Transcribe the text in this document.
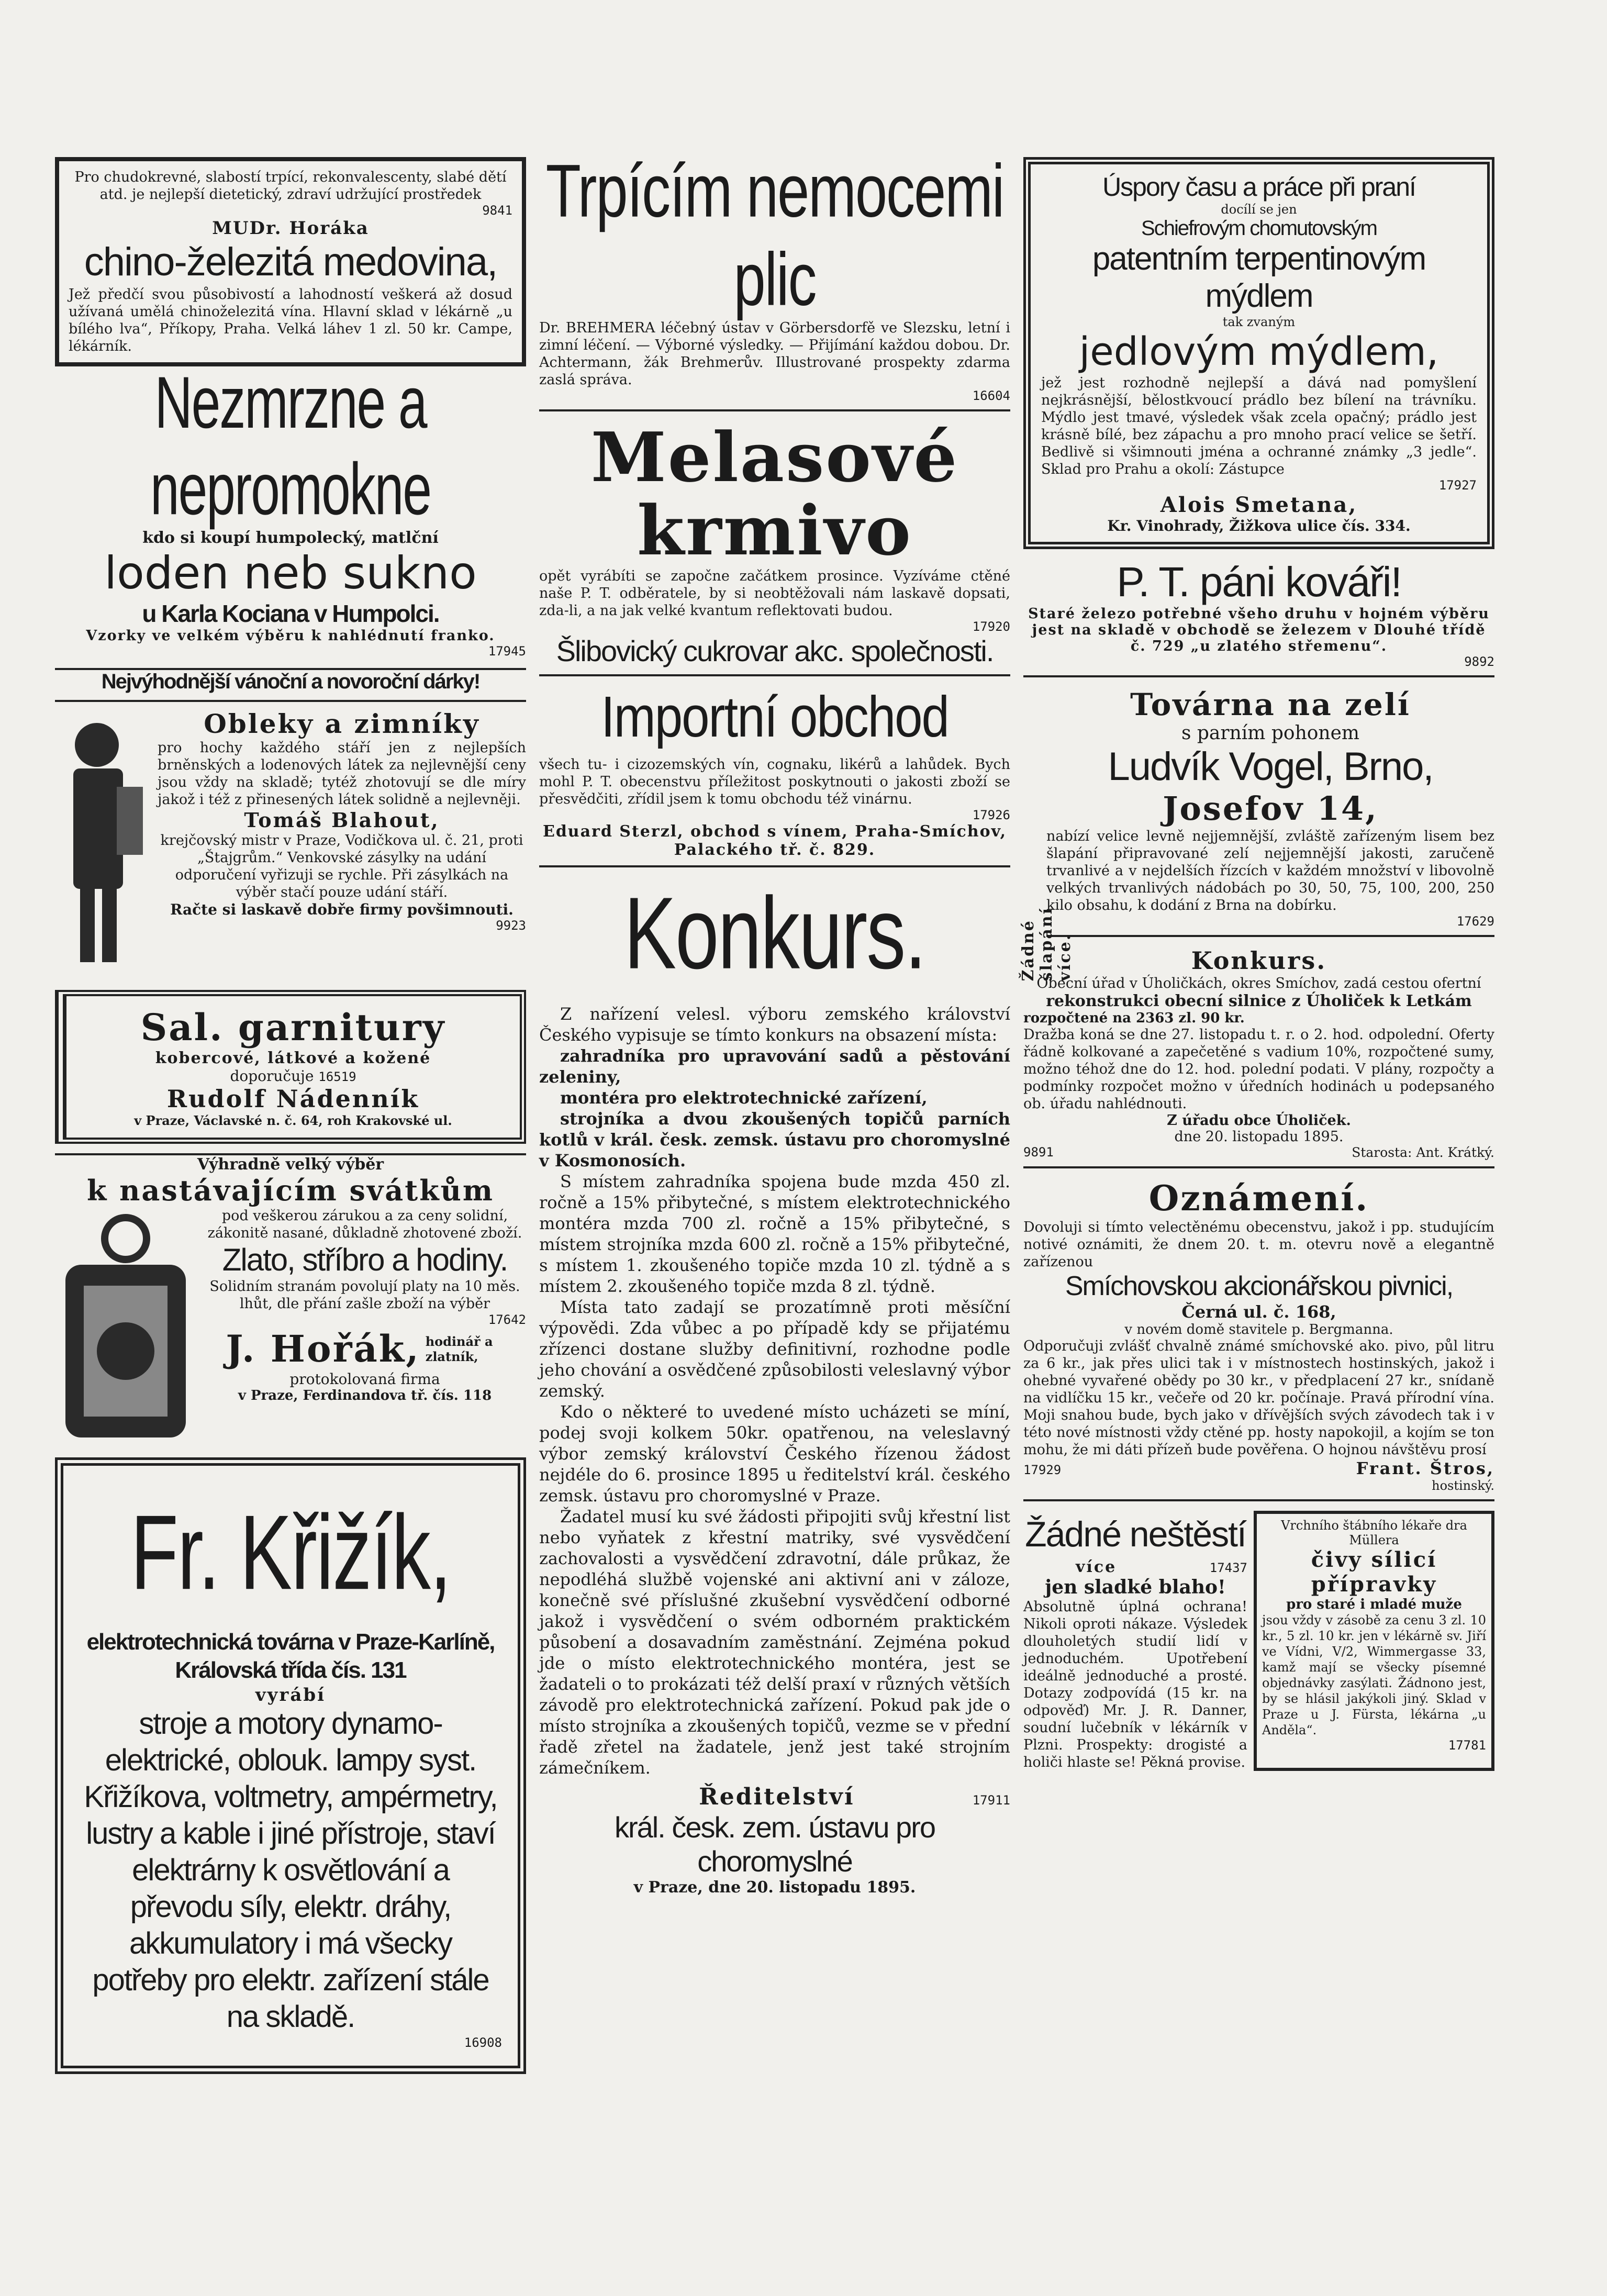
Pro chudokrevné, slabostí trpící, rekonvalescenty, slabé dětí atd. je nejlepší dietetický, zdraví udržující prostředek
9841
MUDr. Horáka
chino-železitá medovina,
Jež předčí svou působivostí a lahodností veškerá až dosud užívaná umělá chinoželezitá vína. Hlavní sklad v lékárně „u bílého lva“, Příkopy, Praha. Velká láhev 1 zl. 50 kr. Campe, lékárník.
Nezmrzne a nepromokne
kdo si koupí humpolecký, matlční
loden neb sukno
u Karla Kociana v Humpolci.
Vzorky ve velkém výběru k nahlédnutí franko.
17945
Nejvýhodnější vánoční a novoroční dárky!
Obleky a zimníky
pro hochy každého stáří jen z nejlepších brněnských a lodenových látek za nejlevnější ceny jsou vždy na skladě; tytéž zhotovují se dle míry jakož i též z přinesených látek solidně a nejlevněji.
Tomáš Blahout,
krejčovský mistr v Praze, Vodičkova ul. č. 21, proti „Štajgrům.“ Venkovské zásylky na udání odporučení vyřizuji se rychle. Při zásylkách na výběr stačí pouze udání stáří.
Račte si laskavě dobře firmy povšimnouti.
9923
Sal. garnitury
kobercové, látkové a kožené
doporučuje 16519
Rudolf Nádenník
v Praze, Václavské n. č. 64, roh Krakovské ul.
Výhradně velký výběr
k nastávajícím svátkům
pod veškerou zárukou a za ceny solidní, zákonitě nasané, důkladně zhotovené zboží.
Zlato, stříbro a hodiny.
Solidním stranám povolují platy na 10 měs. lhůt, dle přání zašle zboží na výběr
17642
J. Hořák, hodinář a zlatník,
protokolovaná firma
v Praze, Ferdinandova tř. čís. 118
Fr. Křižík,
elektrotechnická továrna v Praze-Karlíně, Královská třída čís. 131
vyrábí
stroje a motory dynamo-elektrické, oblouk. lampy syst. Křižíkova, voltmetry, ampérmetry, lustry a kable i jiné přístroje, staví elektrárny k osvětlování a převodu síly, elektr. dráhy, akkumulatory i má všecky potřeby pro elektr. zařízení stále na skladě.
16908
Trpícím nemocemi plic
Dr. BREHMERA léčebný ústav v Görbersdorfě ve Slezsku, letní i zimní léčení. — Výborné výsledky. — Přijímání každou dobou. Dr. Achtermann, žák Brehmerův. Illustrované prospekty zdarma zaslá správa.
16604
Melasové
krmivo
opět vyrábíti se započne začátkem prosince. Vyzíváme ctěné naše P. T. odběratele, by si neobtěžovali nám laskavě dopsati, zda-li, a na jak velké kvantum reflektovati budou.
17920
Šlibovický cukrovar akc. společnosti.
Importní obchod
všech tu- i cizozemských vín, cognaku, likérů a lahůdek. Bych mohl P. T. obecenstvu příležitost poskytnouti o jakosti zboží se přesvědčiti, zřídil jsem k tomu obchodu též vinárnu.
17926
Eduard Sterzl, obchod s vínem, Praha-Smíchov, Palackého tř. č. 829.
Konkurs.

Z nařízení velesl. výboru zemského království Českého vypisuje se tímto konkurs na obsazení místa:

zahradníka pro upravování sadů a pěstování zeleniny,

montéra pro elektrotechnické zařízení,

strojníka a dvou zkoušených topičů parních kotlů v král. česk. zemsk. ústavu pro choromyslné v Kosmonosích.

S místem zahradníka spojena bude mzda 450 zl. ročně a 15% přibytečné, s místem elektrotechnického montéra mzda 700 zl. ročně a 15% přibytečné, s místem strojníka mzda 600 zl. ročně a 15% přibytečné, s místem 1. zkoušeného topiče mzda 10 zl. týdně a s místem 2. zkoušeného topiče mzda 8 zl. týdně.

Místa tato zadají se prozatímně proti měsíční výpovědi. Zda vůbec a po případě kdy se přijatému zřízenci dostane služby definitivní, rozhodne podle jeho chování a osvědčené způsobilosti veleslavný výbor zemský.

Kdo o některé to uvedené místo ucházeti se míní, podej svoji kolkem 50kr. opatřenou, na veleslavný výbor zemský království Českého řízenou žádost nejdéle do 6. prosince 1895 u ředitelství král. českého zemsk. ústavu pro choromyslné v Praze.

Žadatel musí ku své žádosti připojiti svůj křestní list nebo vyňatek z křestní matriky, své vysvědčení zachovalosti a vysvědčení zdravotní, dále průkaz, že nepodléhá službě vojenské ani aktivní ani v záloze, konečně své příslušné zkušební vysvědčení odborné jakož i vysvědčení o svém odborném praktickém působení a dosavadním zaměstnání. Zejména pokud jde o místo elektrotechnického montéra, jest se žadateli o to prokázati též delší praxí v různých větších závodě pro elektrotechnická zařízení. Pokud pak jde o místo strojníka a zkoušených topičů, vezme se v přední řadě zřetel na žadatele, jenž jest také strojním zámečníkem.

Ředitelství	17911
král. česk. zem. ústavu pro choromyslné
v Praze, dne 20. listopadu 1895.
Úspory času a práce při praní
docílí se jen
Schiefrovým chomutovským
patentním terpentinovým mýdlem
tak zvaným
jedlovým mýdlem,
jež jest rozhodně nejlepší a dává nad pomyšlení nejkrásnější, bělostkvoucí prádlo bez bílení na trávníku. Mýdlo jest tmavé, výsledek však zcela opačný; prádlo jest krásně bílé, bez zápachu a pro mnoho prací velice se šetří. Bedlivě si všimnouti jména a ochranné známky „3 jedle“. Sklad pro Prahu a okolí: Zástupce
17927
Alois Smetana,
Kr. Vinohrady, Žižkova ulice čís. 334.
P. T. páni kováři!
Staré železo potřebné všeho druhu v hojném výběru jest na skladě v obchodě se železem v Dlouhé třídě č. 729 „u zlatého střemenu“.
9892
Žádné šlapání více.
Továrna na zelí
s parním pohonem
Ludvík Vogel, Brno,
Josefov 14,
nabízí velice levně nejjemnější, zvláště zařízeným lisem bez šlapání připravované zelí nejjemnější jakosti, zaručeně trvanlivé a v nejdelších řízcích v každém množství v libovolně velkých trvanlivých nádobách po 30, 50, 75, 100, 200, 250 kilo obsahu, k dodání z Brna na dobírku.
17629
Konkurs.
Obecní úřad v Úholičkách, okres Smíchov, zadá cestou ofertní
rekonstrukci obecní silnice z Úholiček k Letkám
rozpočtené na 2363 zl. 90 kr.
Dražba koná se dne 27. listopadu t. r. o 2. hod. odpolední. Oferty řádně kolkované a zapečetěné s vadium 10%, rozpočtené sumy, možno téhož dne do 12. hod. polední podati. V plány, rozpočty a podmínky rozpočet možno v úředních hodinách u podepsaného ob. úřadu nahlédnouti.
Z úřadu obce Úholiček.
dne 20. listopadu 1895.
9891	Starosta: Ant. Krátký.
Oznámení.
Dovoluji si tímto velectěnému obecenstvu, jakož i pp. studujícím notivé oznámiti, že dnem 20. t. m. otevru nově a elegantně zařízenou
Smíchovskou akcionářskou pivnici,
Černá ul. č. 168,
v novém domě stavitele p. Bergmanna.
Odporučuji zvlášť chvalně známé smíchovské ako. pivo, půl litru za 6 kr., jak přes ulici tak i v místnostech hostinských, jakož i ohebné vyvařené obědy po 30 kr., v předplacení 27 kr., snídaně na vidlíčku 15 kr., večeře od 20 kr. počínaje. Pravá přírodní vína. Moji snahou bude, bych jako v dřívějších svých závodech tak i v této nové místnosti vždy ctěné pp. hosty napokojil, a kojím se ton mohu, že mi dáti přízeň bude pověřena. O hojnou návštěvu prosí
17929	Frant. Štros,
hostinský.
Žádné neštěstí
více	17437
jen sladké blaho!
Absolutně úplná ochrana! Nikoli oproti nákaze. Výsledek dlouholetých studií lidí v jednoduchém. Upotřebení ideálně jednoduché a prosté. Dotazy zodpovídá (15 kr. na odpověď) Mr. J. R. Danner, soudní lučebník v lékárník v Plzni. Prospekty: drogisté a holiči hlaste se! Pěkná provise.
Vrchního štábního lékaře dra Müllera
čivy sílicí přípravky
pro staré i mladé muže
jsou vždy v zásobě za cenu 3 zl. 10 kr., 5 zl. 10 kr. jen v lékárně sv. Jiří ve Vídni, V/2, Wimmergasse 33, kamž mají se všecky písemné objednávky zasýlati. Žádnono jest, by se hlásil jakýkoli jiný. Sklad v Praze u J. Fürsta, lékárna „u Anděla“.
17781
